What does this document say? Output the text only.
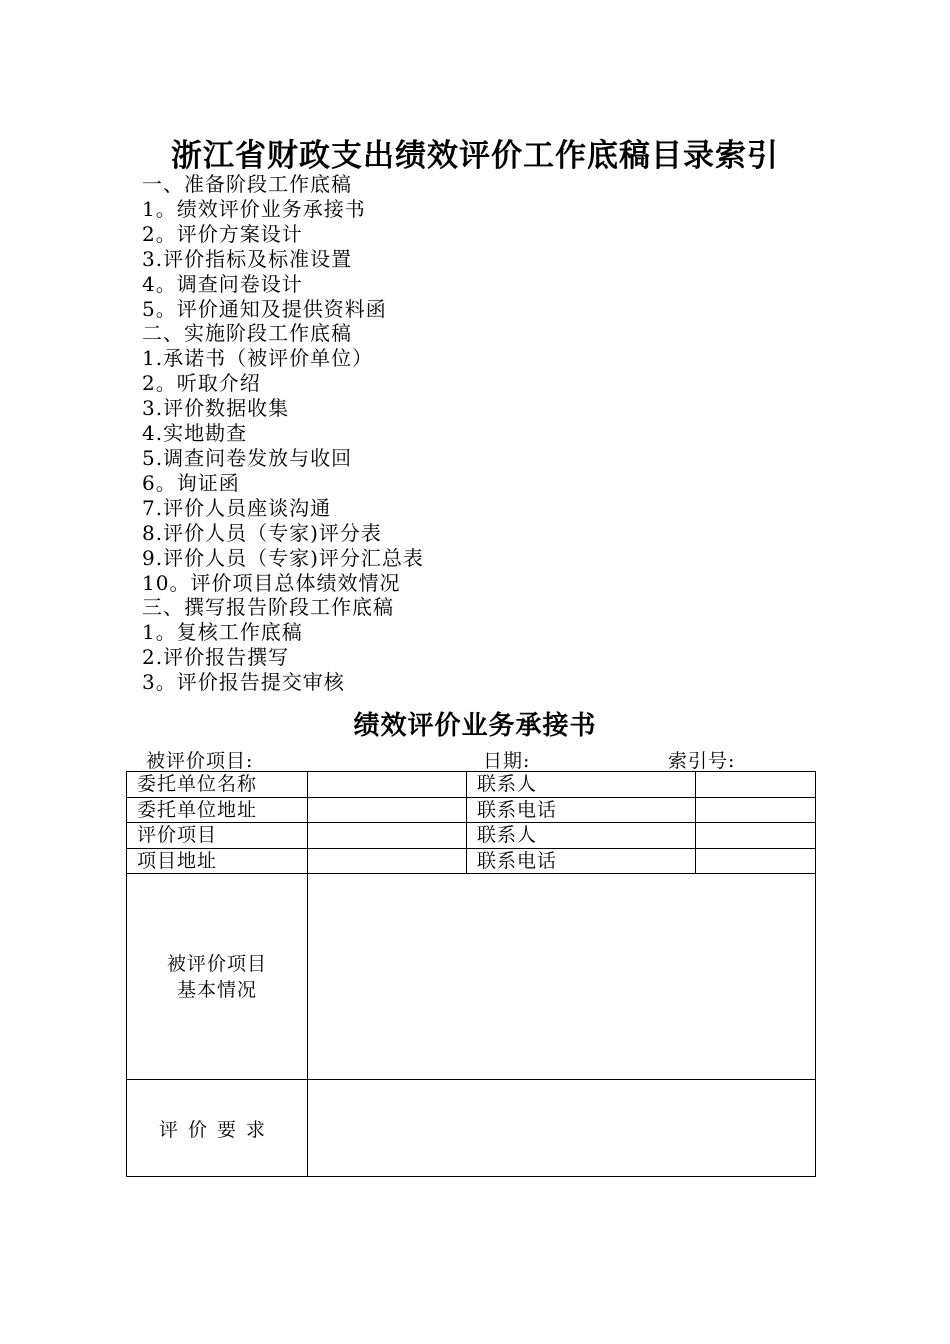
浙江省财政支出绩效评价工作底稿目录索引
一、准备阶段工作底稿
1。绩效评价业务承接书
2。评价方案设计
3.评价指标及标准设置
4。调查问卷设计
5。评价通知及提供资料函
二、实施阶段工作底稿
1.承诺书（被评价单位）
2。听取介绍
3.评价数据收集
4.实地勘查
5.调查问卷发放与收回
6。询证函
7.评价人员座谈沟通
8.评价人员（专家)评分表
9.评价人员（专家)评分汇总表
10。评价项目总体绩效情况
三、撰写报告阶段工作底稿
1。复核工作底稿
2.评价报告撰写
3。评价报告提交审核
绩效评价业务承接书
被评价项目:	日期:	索引号:
委托单位名称		联系人	
委托单位地址		联系电话	
评价项目		联系人	
项目地址		联系电话	

被评价项目
基本情况			

评价要求			
